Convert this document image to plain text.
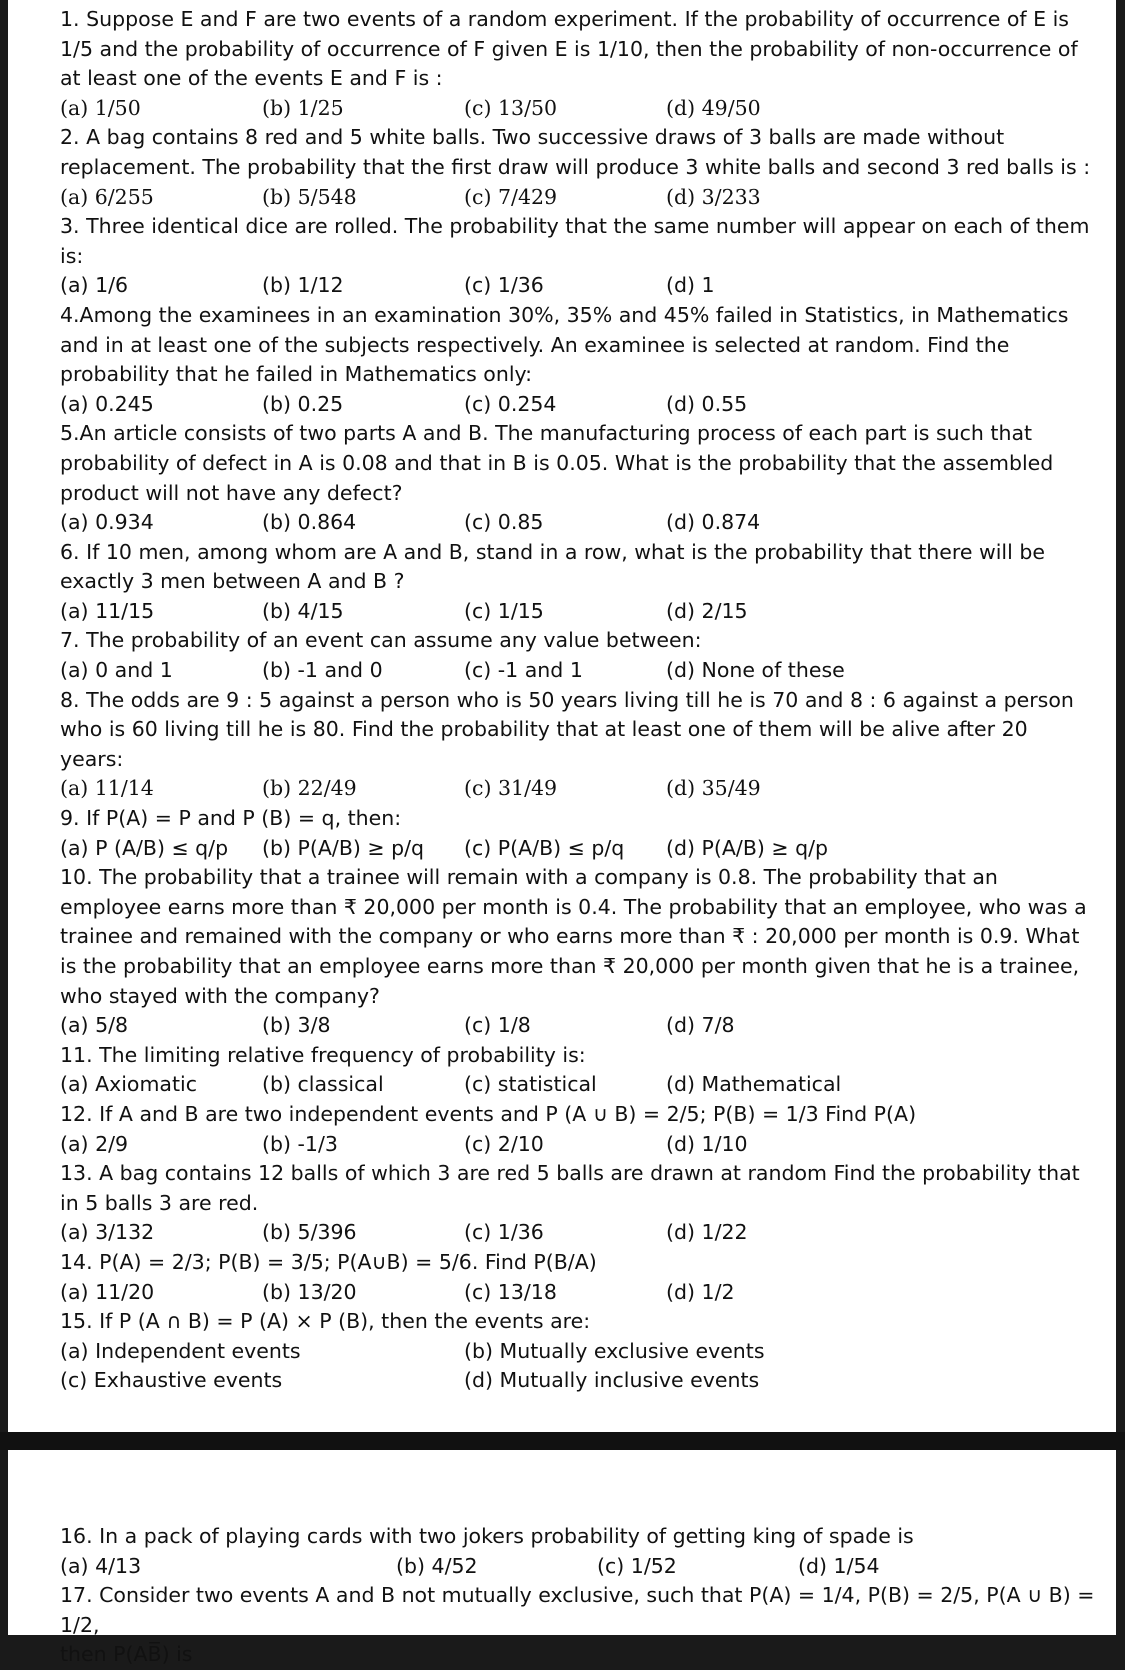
1. Suppose E and F are two events of a random experiment. If the probability of occurrence of E is 1/5 and the probability of occurrence of F given E is 1/10, then the probability of non-occurrence of at least one of the events E and F is :
(a) 1/50	(b) 1/25	(c) 13/50	(d) 49/50
2. A bag contains 8 red and 5 white balls. Two successive draws of 3 balls are made without replacement. The probability that the first draw will produce 3 white balls and second 3 red balls is :
(a) 6/255	(b) 5/548	(c) 7/429	(d) 3/233
3. Three identical dice are rolled. The probability that the same number will appear on each of them is:
(a) 1/6	(b) 1/12	(c) 1/36	(d) 1
4.Among the examinees in an examination 30%, 35% and 45% failed in Statistics, in Mathematics and in at least one of the subjects respectively. An examinee is selected at random. Find the probability that he failed in Mathematics only:
(a) 0.245	(b) 0.25	(c) 0.254	(d) 0.55
5.An article consists of two parts A and B. The manufacturing process of each part is such that probability of defect in A is 0.08 and that in B is 0.05. What is the probability that the assembled product will not have any defect?
(a) 0.934	(b) 0.864	(c) 0.85	(d) 0.874
6. If 10 men, among whom are A and B, stand in a row, what is the probability that there will be exactly 3 men between A and B ?
(a) 11/15	(b) 4/15	(c) 1/15	(d) 2/15
7. The probability of an event can assume any value between:
(a) 0 and 1	(b) -1 and 0	(c) -1 and 1	(d) None of these
8. The odds are 9 : 5 against a person who is 50 years living till he is 70 and 8 : 6 against a person who is 60 living till he is 80. Find the probability that at least one of them will be alive after 20 years:
(a) 11/14	(b) 22/49	(c) 31/49	(d) 35/49
9. If P(A) = P and P (B) = q, then:
(a) P (A/B) ≤ q/p	(b) P(A/B) ≥ p/q	(c) P(A/B) ≤ p/q	(d) P(A/B) ≥ q/p
10. The probability that a trainee will remain with a company is 0.8. The probability that an employee earns more than ₹ 20,000 per month is 0.4. The probability that an employee, who was a trainee and remained with the company or who earns more than ₹ : 20,000 per month is 0.9. What is the probability that an employee earns more than ₹ 20,000 per month given that he is a trainee, who stayed with the company?
(a) 5/8	(b) 3/8	(c) 1/8	(d) 7/8
11. The limiting relative frequency of probability is:
(a) Axiomatic	(b) classical	(c) statistical	(d) Mathematical
12. If A and B are two independent events and P (A ∪ B) = 2/5; P(B) = 1/3 Find P(A)
(a) 2/9	(b) -1/3	(c) 2/10	(d) 1/10
13. A bag contains 12 balls of which 3 are red 5 balls are drawn at random Find the probability that in 5 balls 3 are red.
(a) 3/132	(b) 5/396	(c) 1/36	(d) 1/22
14. P(A) = 2/3; P(B) = 3/5; P(A∪B) = 5/6. Find P(B/A)
(a) 11/20	(b) 13/20	(c) 13/18	(d) 1/2
15. If P (A ∩ B) = P (A) × P (B), then the events are:
(a) Independent events	(b) Mutually exclusive events
(c) Exhaustive events	(d) Mutually inclusive events
16. In a pack of playing cards with two jokers probability of getting king of spade is
(a) 4/13	(b) 4/52	(c) 1/52	(d) 1/54
17. Consider two events A and B not mutually exclusive, such that P(A) = 1/4, P(B) = 2/5, P(A ∪ B) = 1/2,
then P(AB̅) is
